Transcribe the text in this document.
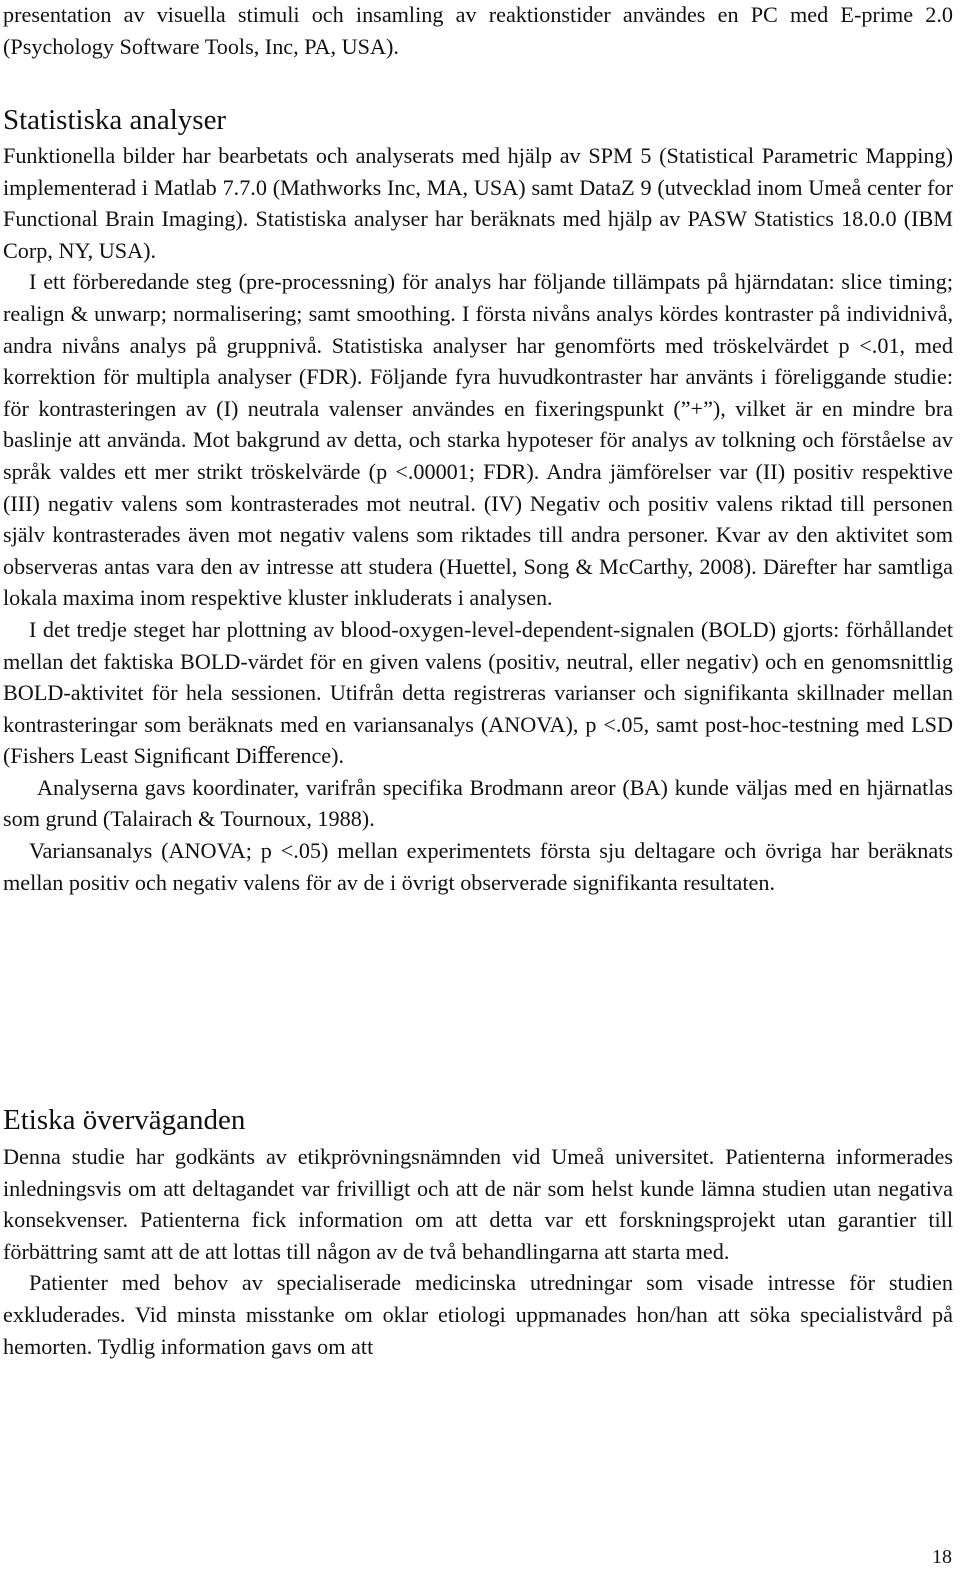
presentation av visuella stimuli och insamling av reaktionstider användes en PC med E-prime 2.0 (Psychology Software Tools, Inc, PA, USA).

Statistiska analyser

Funktionella bilder har bearbetats och analyserats med hjälp av SPM 5 (Statistical Parametric Mapping) implementerad i Matlab 7.7.0 (Mathworks Inc, MA, USA) samt DataZ 9 (utvecklad inom Umeå center for Functional Brain Imaging). Statistiska analyser har beräknats med hjälp av PASW Statistics 18.0.0 (IBM Corp, NY, USA).

I ett förberedande steg (pre-processning) för analys har följande tillämpats på hjärndatan: slice timing; realign & unwarp; normalisering; samt smoothing. I första nivåns analys kördes kontraster på individnivå, andra nivåns analys på gruppnivå. Statistiska analyser har genomförts med tröskelvärdet p <.01, med korrektion för multipla analyser (FDR). Följande fyra huvudkontraster har använts i föreliggande studie: för kontrasteringen av (I) neutrala valenser användes en fixeringspunkt (”+”), vilket är en mindre bra baslinje att använda. Mot bakgrund av detta, och starka hypoteser för analys av tolkning och förståelse av språk valdes ett mer strikt tröskelvärde (p <.00001; FDR). Andra jämförelser var (II) positiv respektive (III) negativ valens som kontrasterades mot neutral. (IV) Negativ och positiv valens riktad till personen själv kontrasterades även mot negativ valens som riktades till andra personer. Kvar av den aktivitet som observeras antas vara den av intresse att studera (Huettel, Song & McCarthy, 2008). Därefter har samtliga lokala maxima inom respektive kluster inkluderats i analysen.

I det tredje steget har plottning av blood-oxygen-level-dependent-signalen (BOLD) gjorts: förhållandet mellan det faktiska BOLD-värdet för en given valens (positiv, neutral, eller negativ) och en genomsnittlig BOLD-aktivitet för hela sessionen. Utifrån detta registreras varianser och signifikanta skillnader mellan kontrasteringar som beräknats med en variansanalys (ANOVA), p <.05, samt post-hoc-testning med LSD (Fishers Least Signiﬁcant Diﬀerence).

Analyserna gavs koordinater, varifrån specifika Brodmann areor (BA) kunde väljas med en hjärnatlas som grund (Talairach & Tournoux, 1988).

Variansanalys (ANOVA; p <.05) mellan experimentets första sju deltagare och övriga har beräknats mellan positiv och negativ valens för av de i övrigt observerade signifikanta resultaten.

Etiska överväganden

Denna studie har godkänts av etikprövningsnämnden vid Umeå universitet. Patienterna informerades inledningsvis om att deltagandet var frivilligt och att de när som helst kunde lämna studien utan negativa konsekvenser. Patienterna fick information om att detta var ett forskningsprojekt utan garantier till förbättring samt att de att lottas till någon av de två behandlingarna att starta med.

Patienter med behov av specialiserade medicinska utredningar som visade intresse för studien exkluderades. Vid minsta misstanke om oklar etiologi uppmanades hon/han att söka specialistvård på hemorten. Tydlig information gavs om att

18
